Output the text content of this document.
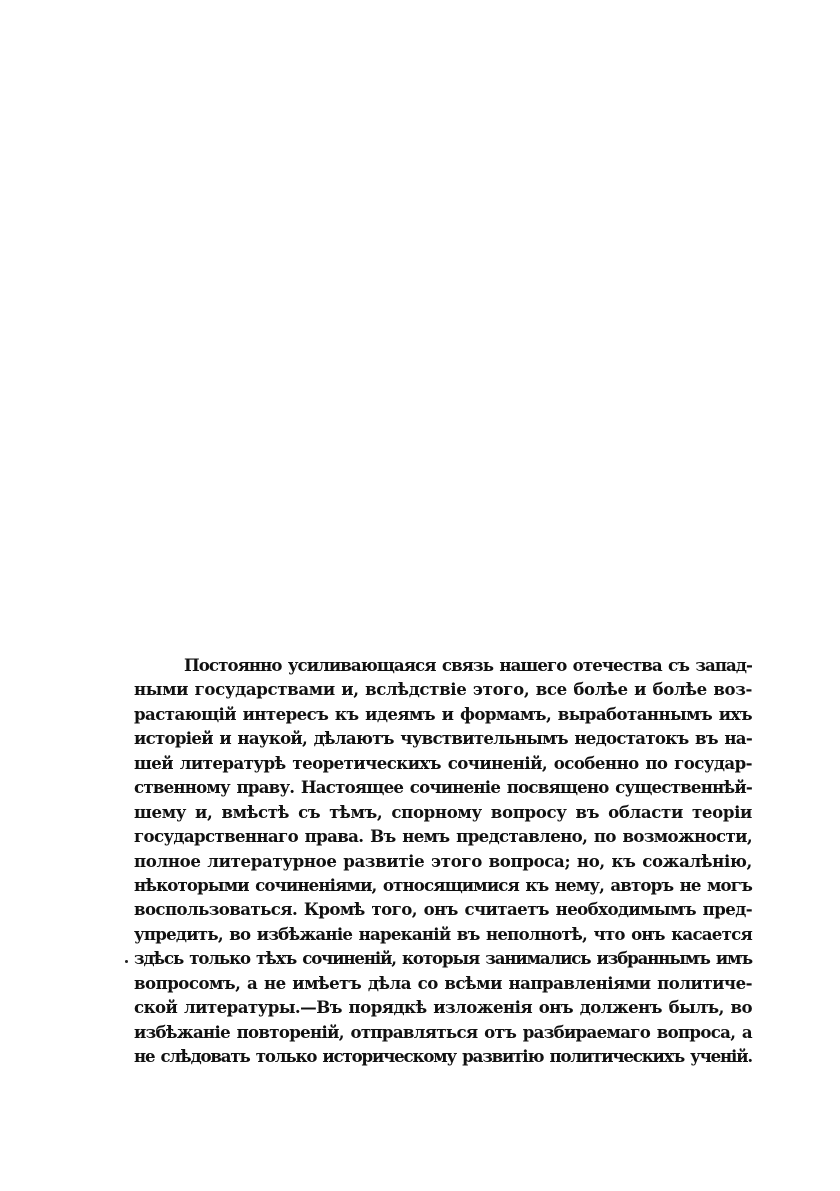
Постоянно усиливающаяся связь нашего отечества съ запад-
ными государствами и, вслѣдствіе этого, все болѣе и болѣе воз-
растающій интересъ къ идеямъ и формамъ, выработаннымъ ихъ
исторіей и наукой, дѣлаютъ чувствительнымъ недостатокъ въ на-
шей литературѣ теоретическихъ сочиненій, особенно по государ-
ственному праву. Настоящее сочиненіе посвящено существеннѣй-
шему и, вмѣстѣ съ тѣмъ, спорному вопросу въ области теоріи
государственнаго права. Въ немъ представлено, по возможности,
полное литературное развитіе этого вопроса; но, къ сожалѣнію,
нѣкоторыми сочиненіями, относящимися къ нему, авторъ не могъ
воспользоваться. Кромѣ того, онъ считаетъ необходимымъ пред-
упредить, во избѣжаніе нареканій въ неполнотѣ, что онъ касается
здѣсь только тѣхъ сочиненій, которыя занимались избраннымъ имъ
вопросомъ, а не имѣетъ дѣла со всѣми направленіями политиче-
ской литературы.—Въ порядкѣ изложенія онъ долженъ былъ, во
избѣжаніе повтореній, отправляться отъ разбираемаго вопроса, а
не слѣдовать только историческому развитію политическихъ ученій.
